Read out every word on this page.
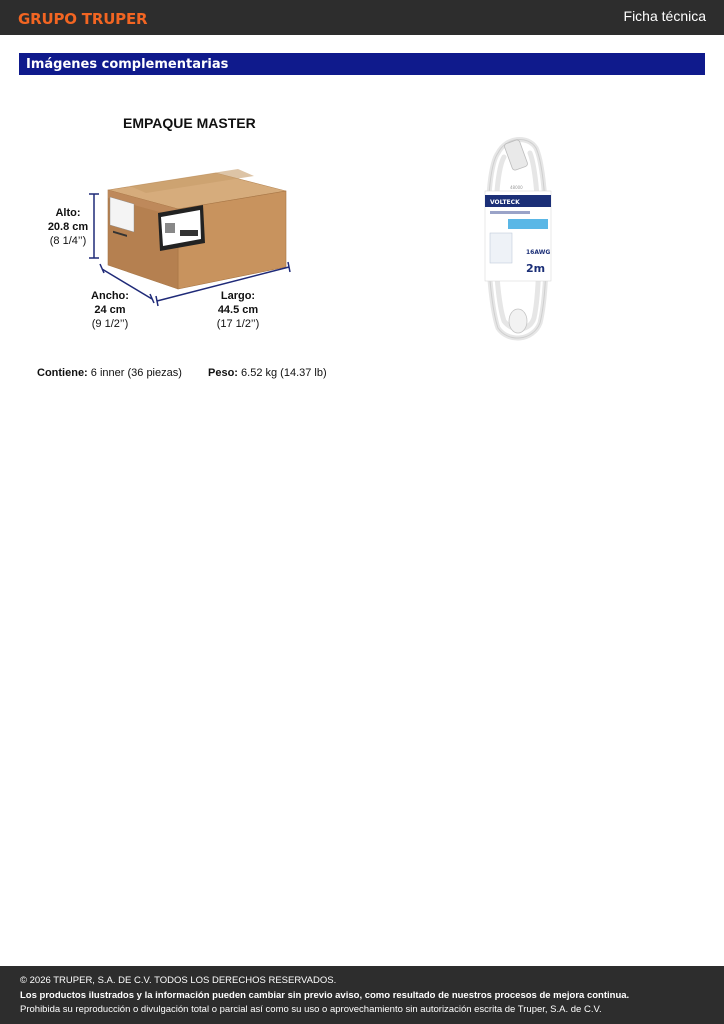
GRUPO TRUPER	Ficha técnica
Imágenes complementarias
EMPAQUE MASTER
Alto:
20.8 cm
(8 1/4’’)
Ancho:
24 cm
(9 1/2’’)
Largo:
44.5 cm
(17 1/2’’)
Contiene: 6 inner (36 piezas) Peso: 6.52 kg (14.37 lb)
VOLTECK
48000
16AWG
2m

© 2026 TRUPER, S.A. DE C.V. TODOS LOS DERECHOS RESERVADOS.

Los productos ilustrados y la información pueden cambiar sin previo aviso, como resultado de nuestros procesos de mejora continua.

Prohibida su reproducción o divulgación total o parcial así como su uso o aprovechamiento sin autorización escrita de Truper, S.A. de C.V.
